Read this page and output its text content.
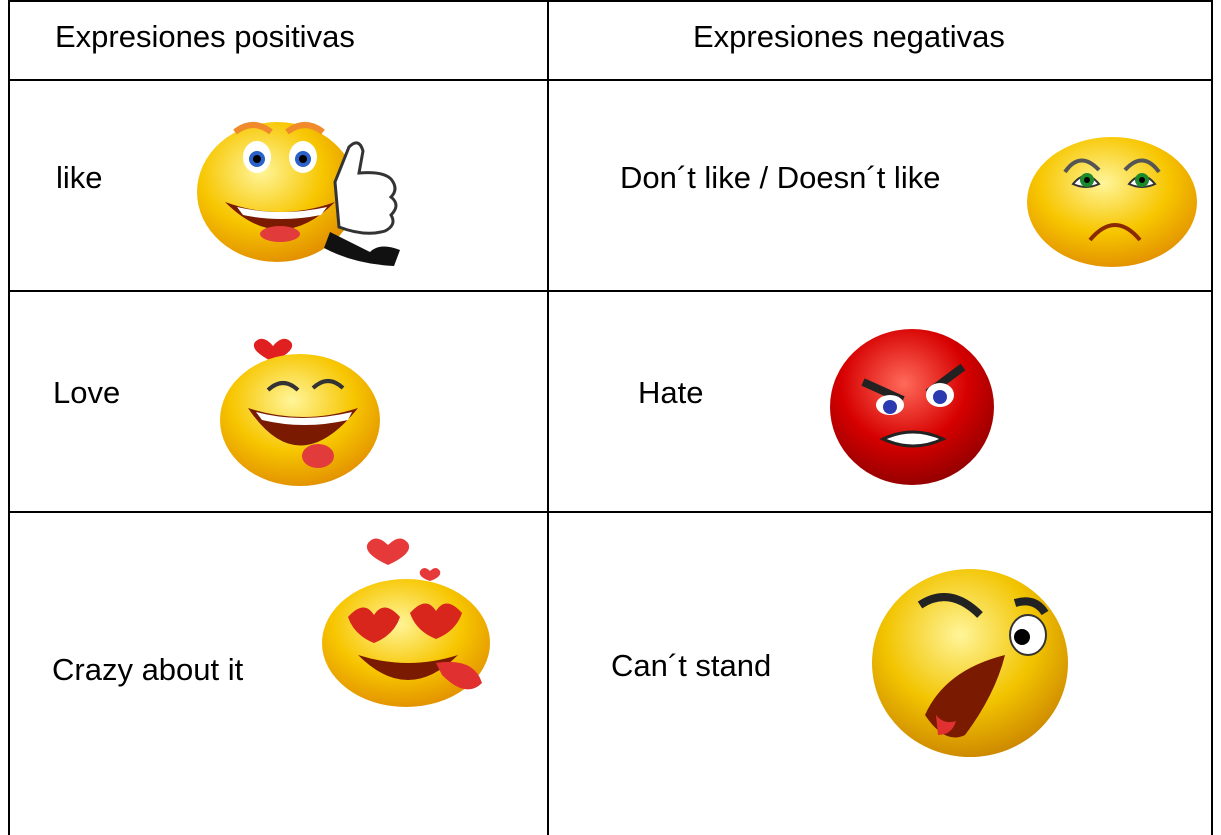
Expresiones positivas	Expresiones negativas
like	Don´t like / Doesn´t like
Love	Hate
Crazy about it	Can´t stand
